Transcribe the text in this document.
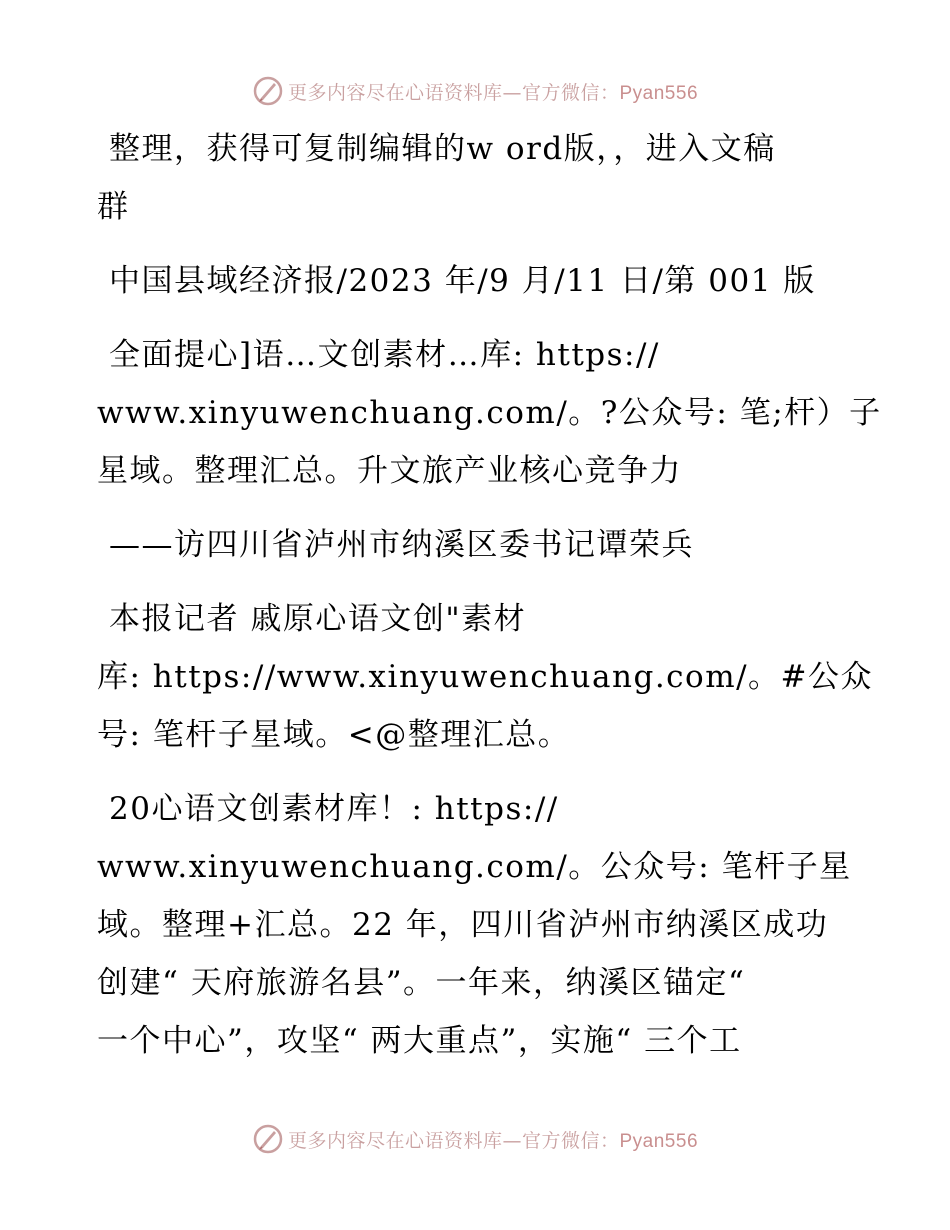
更多内容尽在心语资料库—官方微信：Pyan556
整理，获得可复制编辑的w ord版，，进入文稿
群
中国县域经济报/2023 年/9 月/11 日/第 001 版
全面提心]语…文创素材…库: https://
www.xinyuwenchuang.com/。?公众号: 笔;杆）子
星域。整理汇总。升文旅产业核心竞争力
——访四川省泸州市纳溪区委书记谭荣兵
本报记者 戚原心语文创"素材
库: https://www.xinyuwenchuang.com/。#公众
号: 笔杆子星域。<@整理汇总。
20心语文创素材库！: https://
www.xinyuwenchuang.com/。公众号: 笔杆子星
域。整理+汇总。22 年，四川省泸州市纳溪区成功
创建“ 天府旅游名县”。一年来，纳溪区锚定“
一个中心”，攻坚“ 两大重点”，实施“ 三个工
更多内容尽在心语资料库—官方微信：Pyan556
